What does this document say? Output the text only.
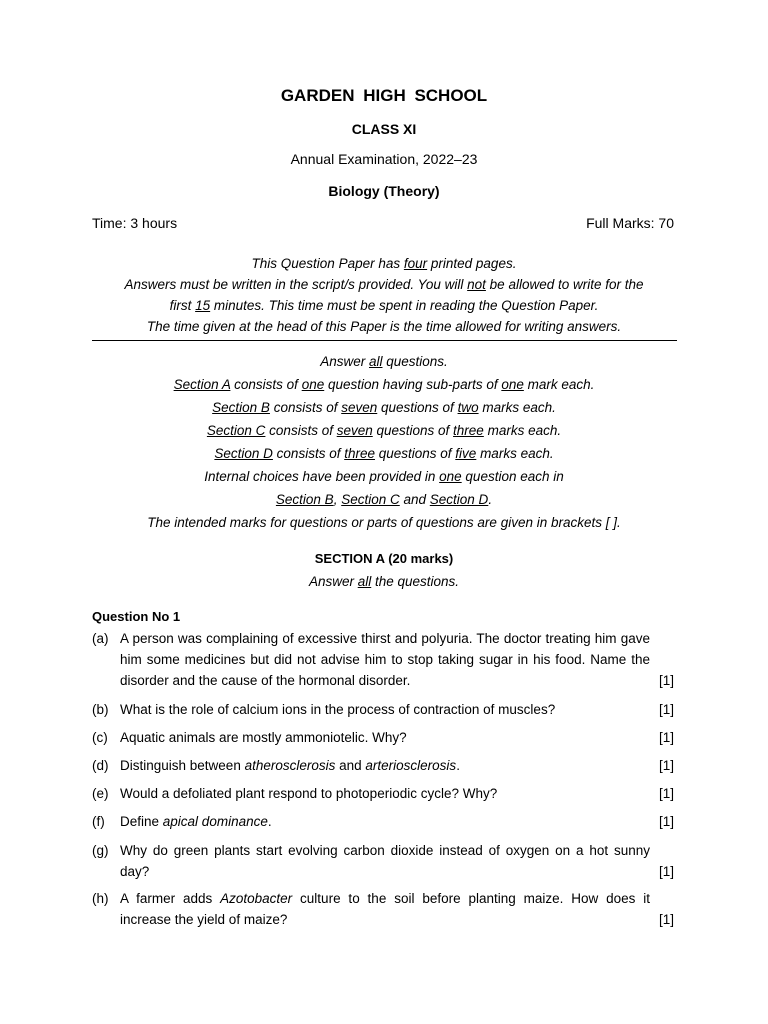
GARDEN HIGH SCHOOL
CLASS XI
Annual Examination, 2022–23
Biology (Theory)
Time: 3 hours	Full Marks: 70
This Question Paper has four printed pages.
Answers must be written in the script/s provided. You will not be allowed to write for the
first 15 minutes. This time must be spent in reading the Question Paper.
The time given at the head of this Paper is the time allowed for writing answers.
Answer all questions.
Section A consists of one question having sub-parts of one mark each.
Section B consists of seven questions of two marks each.
Section C consists of seven questions of three marks each.
Section D consists of three questions of five marks each.
Internal choices have been provided in one question each in
Section B, Section C and Section D.
The intended marks for questions or parts of questions are given in brackets [ ].
SECTION A (20 marks)
Answer all the questions.
Question No 1
(a) A person was complaining of excessive thirst and polyuria. The doctor treating him gave him some medicines but did not advise him to stop taking sugar in his food. Name the disorder and the cause of the hormonal disorder.	[1]
(b) What is the role of calcium ions in the process of contraction of muscles?	[1]
(c) Aquatic animals are mostly ammoniotelic. Why?	[1]
(d) Distinguish between atherosclerosis and arteriosclerosis.	[1]
(e) Would a defoliated plant respond to photoperiodic cycle? Why?	[1]
(f)	Define apical dominance.	[1]
(g) Why do green plants start evolving carbon dioxide instead of oxygen on a hot sunny day?	[1]
(h) A farmer adds Azotobacter culture to the soil before planting maize. How does it increase the yield of maize?	[1]
